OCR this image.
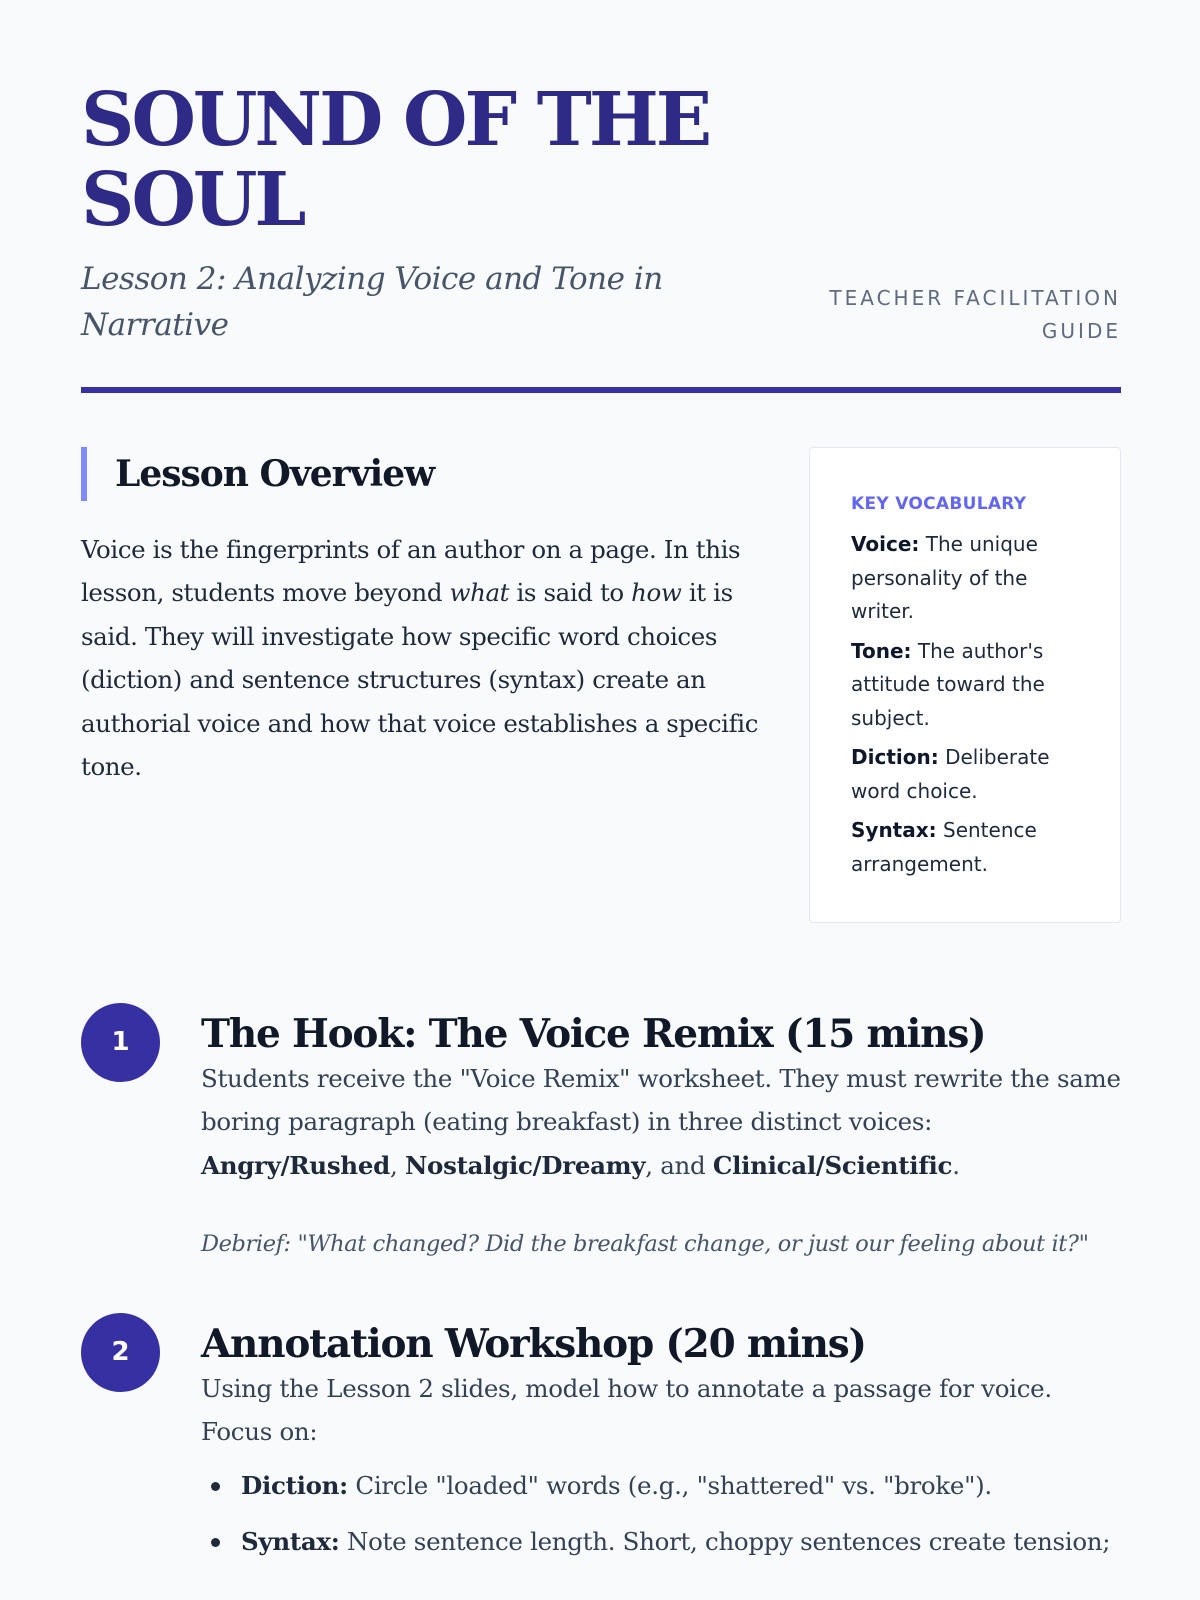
SOUND OF THE SOUL
Lesson 2: Analyzing Voice and Tone in Narrative
TEACHER FACILITATION GUIDE
Lesson Overview

Voice is the fingerprints of an author on a page. In this lesson, students move beyond what is said to how it is said. They will investigate how specific word choices (diction) and sentence structures (syntax) create an authorial voice and how that voice establishes a specific tone.

KEY VOCABULARY
Voice: The unique personality of the writer.
Tone: The author's attitude toward the subject.
Diction: Deliberate word choice.
Syntax: Sentence arrangement.
1	The Hook: The Voice Remix (15 mins)

Students receive the "Voice Remix" worksheet. They must rewrite the same boring paragraph (eating breakfast) in three distinct voices: Angry/Rushed, Nostalgic/Dreamy, and Clinical/Scientific.

Debrief: "What changed? Did the breakfast change, or just our feeling about it?"

2	Annotation Workshop (20 mins)

Using the Lesson 2 slides, model how to annotate a passage for voice. Focus on:

Diction: Circle "loaded" words (e.g., "shattered" vs. "broke").
Syntax: Note sentence length. Short, choppy sentences create tension;
